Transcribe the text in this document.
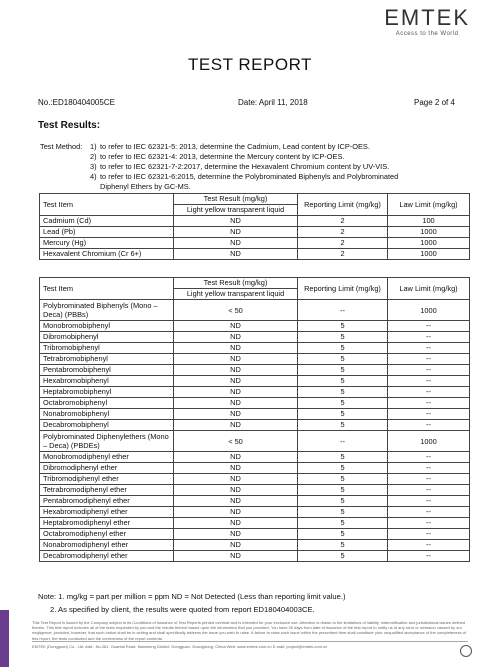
EMTEK
Access to the World
TEST REPORT
No.:ED180404005CE	Date: April 11, 2018	Page 2 of 4
Test Results:
Test Method:	1) to refer to IEC 62321-5: 2013, determine the Cadmium, Lead content by ICP-OES.
2) to refer to IEC 62321-4: 2013, determine the Mercury content by ICP-OES.
3) to refer to IEC 62321-7-2:2017, determine the Hexavalent Chromium content by UV-VIS.
4) to refer to IEC 62321-6:2015, determine the Polybrominated Biphenyls and Polybrominated
Diphenyl Ethers by GC-MS.
Test Item	Test Result (mg/kg)	Reporting Limit (mg/kg)	Law Limit (mg/kg)
	Light yellow transparent liquid		
Cadmium (Cd)	ND	2	100
Lead (Pb)	ND	2	1000
Mercury (Hg)	ND	2	1000
Hexavalent Chromium (Cr 6+)	ND	2	1000
Test Item	Test Result (mg/kg)	Reporting Limit (mg/kg)	Law Limit (mg/kg)
	Light yellow transparent liquid		
Polybrominated Biphenyls (Mono – Deca) (PBBs)	< 50	--	1000
Monobromobiphenyl	ND	5	--
Dibromobiphenyl	ND	5	--
Tribromobiphenyl	ND	5	--
Tetrabromobiphenyl	ND	5	--
Pentabromobiphenyl	ND	5	--
Hexabromobiphenyl	ND	5	--
Heptabromobiphenyl	ND	5	--
Octabromobiphenyl	ND	5	--
Nonabromobiphenyl	ND	5	--
Decabromobiphenyl	ND	5	--
Polybrominated Diphenylethers (Mono – Deca) (PBDEs)	< 50	--	1000
Monobromodiphenyl ether	ND	5	--
Dibromodiphenyl ether	ND	5	--
Tribromodiphenyl ether	ND	5	--
Tetrabromodiphenyl ether	ND	5	--
Pentabromodiphenyl ether	ND	5	--
Hexabromodiphenyl ether	ND	5	--
Heptabromodiphenyl ether	ND	5	--
Octabromodiphenyl ether	ND	5	--
Nonabromodiphenyl ether	ND	5	--
Decabromodiphenyl ether	ND	5	--
Note: 1. mg/kg = part per million = ppm ND = Not Detected (Less than reporting limit value.)
2. As specified by client, the results were quoted from report ED180404003CE.
This Test Report is issued by the Company subject to its Conditions of Issuance of Test Reports printed overleaf and is intended for your exclusive use. Attention is drawn to the limitations of liability, indemnification and jurisdictional issues defined therein. This test report includes all of the tests requested by you and the results thereof based upon the information that you provided. You have 30 days from date of issuance of the test report to notify us of any error or omission caused by our negligence; provided, however, that such notice shall be in writing and shall specifically address the issue you wish to raise. A failure to raise such issue within the prescribed time shall constitute your unqualified acceptance of the completeness of this report, the tests conducted and the correctness of the report contents.
EMTEK (Dongguan) Co., Ltd. Add.: No.281, Guantai Road, Nancheng District, Dongguan, Guangdong, China Web: www.emtek.com.cn E-mail: project@emtek.com.cn
